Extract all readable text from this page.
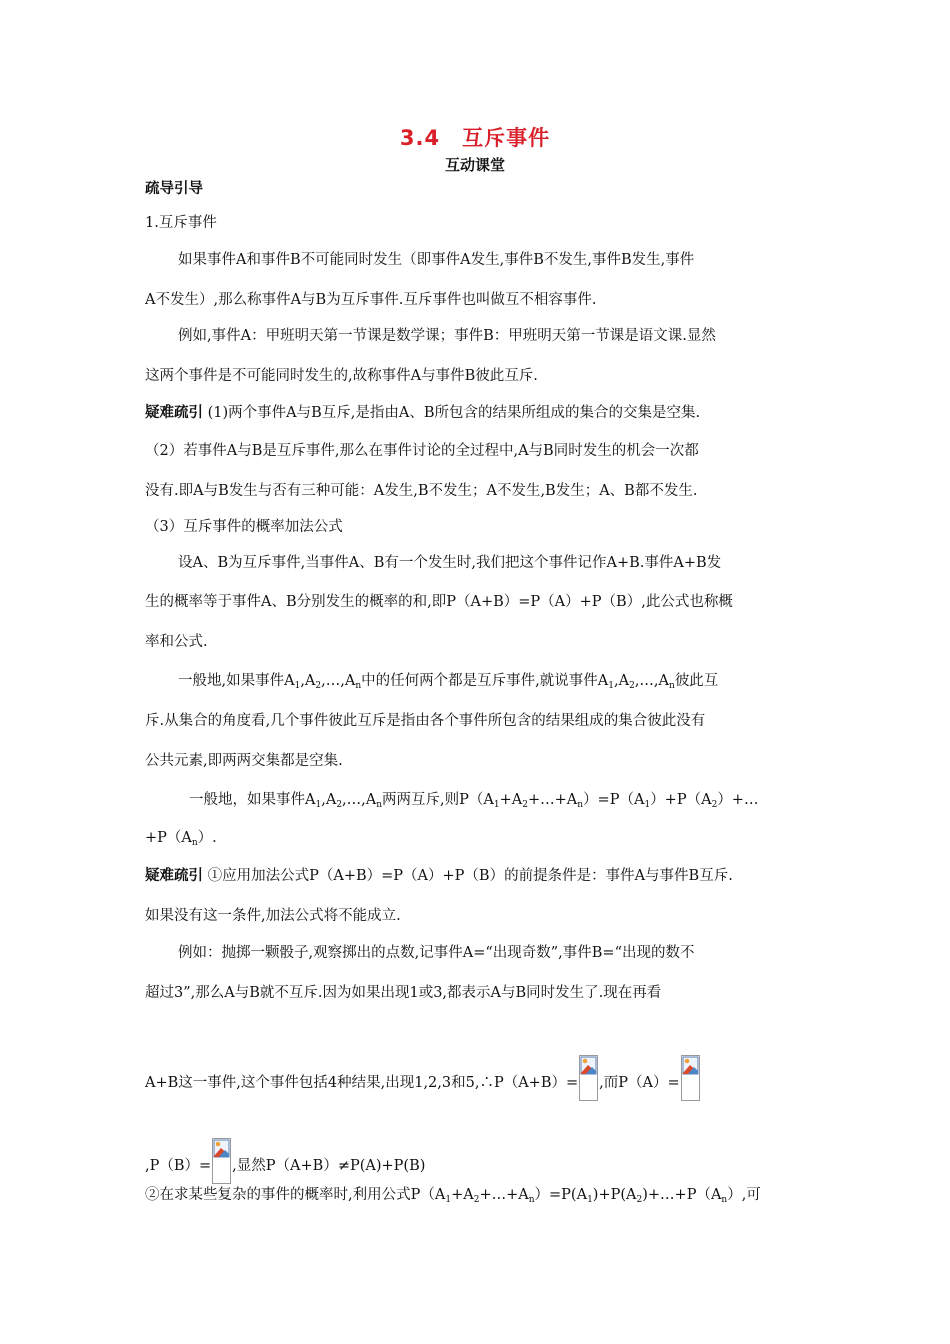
3.4　互斥事件
互动课堂
疏导引导
1.互斥事件
如果事件A和事件B不可能同时发生（即事件A发生,事件B不发生,事件B发生,事件
A不发生）,那么称事件A与B为互斥事件.互斥事件也叫做互不相容事件.
例如,事件A：甲班明天第一节课是数学课；事件B：甲班明天第一节课是语文课.显然
这两个事件是不可能同时发生的,故称事件A与事件B彼此互斥.
疑难疏引 (1)两个事件A与B互斥,是指由A、B所包含的结果所组成的集合的交集是空集.
（2）若事件A与B是互斥事件,那么在事件讨论的全过程中,A与B同时发生的机会一次都
没有.即A与B发生与否有三种可能：A发生,B不发生；A不发生,B发生；A、B都不发生.
（3）互斥事件的概率加法公式
设A、B为互斥事件,当事件A、B有一个发生时,我们把这个事件记作A+B.事件A+B发
生的概率等于事件A、B分别发生的概率的和,即P（A+B）=P（A）+P（B）,此公式也称概
率和公式.
一般地,如果事件$A_1,A_2,\dots,A_n$中的任何两个都是互斥事件,就说事件$A_1,A_2,\dots,A_n$彼此互
斥.从集合的角度看,几个事件彼此互斥是指由各个事件所包含的结果组成的集合彼此没有
公共元素,即两两交集都是空集.
一般地，如果事件$A_1,A_2,\dots,A_n$两两互斥,则$P(A_1+A_2+\dots+A_n)=P(A_1)+P(A_2)+\dots$
$+P(A_n)$.
疑难疏引 ①应用加法公式P（A+B）=P（A）+P（B）的前提条件是：事件A与事件B互斥.
如果没有这一条件,加法公式将不能成立.
例如：抛掷一颗骰子,观察掷出的点数,记事件A=“出现奇数”,事件B=“出现的数不
超过3”,那么A与B就不互斥.因为如果出现1或3,都表示A与B同时发生了.现在再看
A+B这一事件,这个事件包括4种结果,出现1,2,3和5,∴P（A+B）= ,而P（A）=
,P（B）= ,显然P（A+B）≠P(A)+P(B)
②在求某些复杂的事件的概率时,利用公式$P(A_1+A_2+\dots+A_n)=P(A_1)+P(A_2)+\dots+P(A_n)$,可
